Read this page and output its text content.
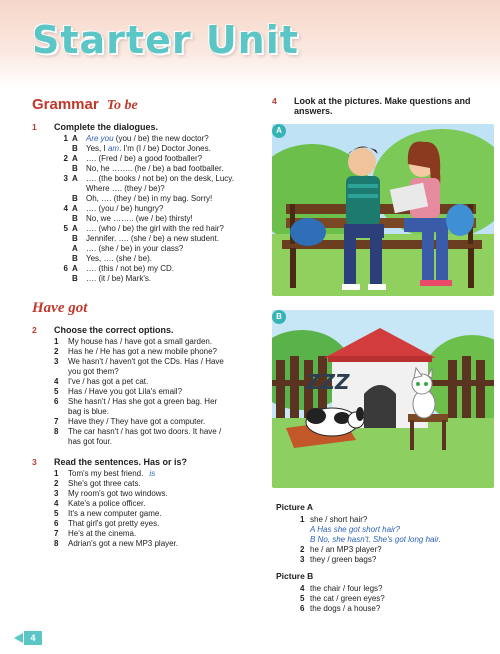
Starter Unit
Grammar To be
1 Complete the dialogues.
1 A	Are you (you / be) the new doctor?
B	Yes, I am. I'm (I / be) Doctor Jones.
2 A	…. (Fred / be) a good footballer?
B	No, he …….. (he / be) a bad footballer.
3 A	…. (the books / not be) on the desk, Lucy.
Where …. (they / be)?
B	Oh, …. (they / be) in my bag. Sorry!
4 A	…. (you / be) hungry?
B	No, we …….. (we / be) thirsty!
5 A	…. (who / be) the girl with the red hair?
B	Jennifer. …. (she / be) a new student.
A	…. (she / be) in your class?
B	Yes, …. (she / be).
6 A	…. (this / not be) my CD.
B	…. (it / be) Mark's.
Have got
2 Choose the correct options.
1	My house has / have got a small garden.
2	Has he / He has got a new mobile phone?
3	We hasn't / haven't got the CDs. Has / Have
you got them?
4	I've / has got a pet cat.
5	Has / Have you got Lila's email?
6	She hasn't / Has she got a green bag. Her
bag is blue.
7	Have they / They have got a computer.
8	The car hasn't / has got two doors. It have /
has got four.
3 Read the sentences. Has or is?
1	Tom's my best friend. is
2	She's got three cats.
3	My room's got two windows.
4	Kate's a police officer.
5	It's a new computer game.
6	That girl's got pretty eyes.
7	He's at the cinema.
8	Adrian's got a new MP3 player.
4	Look at the pictures. Make questions and answers.
A
ZZZ
B
Picture A
1 she / short hair?
A Has she got short hair?
B No, she hasn't. She's got long hair.
2 he / an MP3 player?
3 they / green bags?
Picture B
4 the chair / four legs?
5 the cat / green eyes?
6 the dogs / a house?
4
